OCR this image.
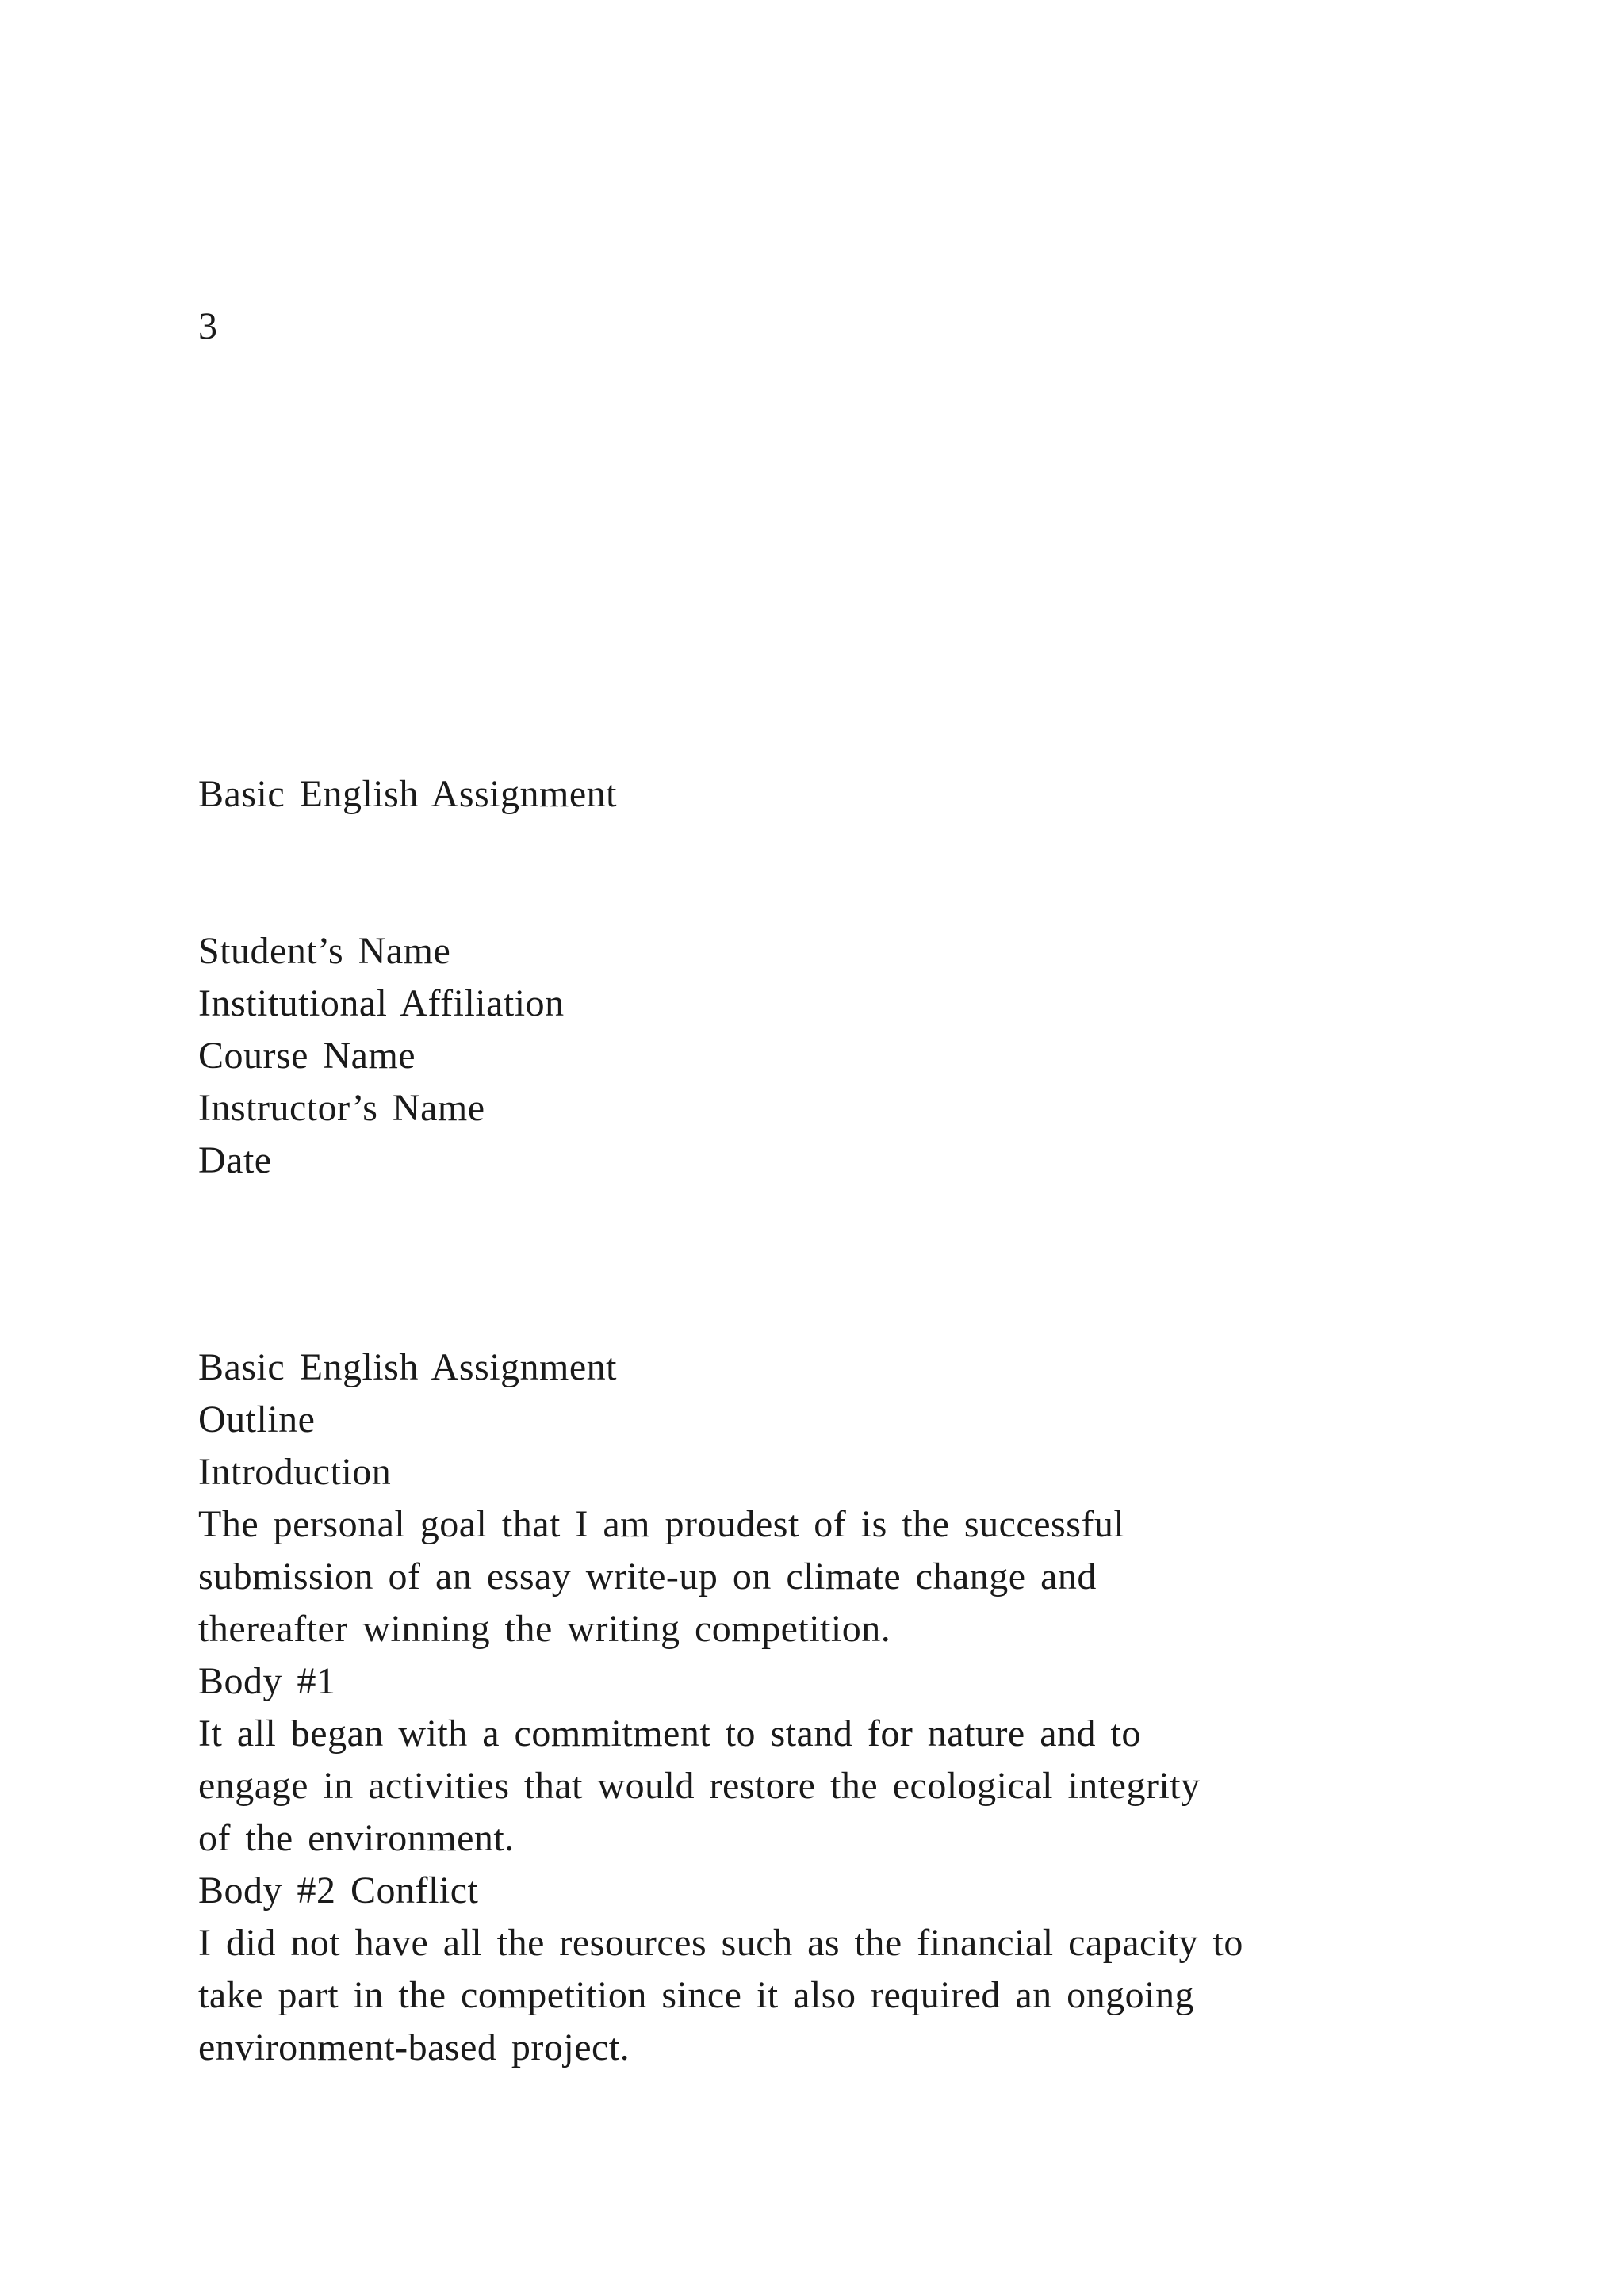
3
Basic English Assignment
Student’s Name
Institutional Affiliation
Course Name
Instructor’s Name
Date
Basic English Assignment
Outline
Introduction
The personal goal that I am proudest of is the successful
submission of an essay write-up on climate change and
thereafter winning the writing competition.
Body #1
It all began with a commitment to stand for nature and to
engage in activities that would restore the ecological integrity
of the environment.
Body #2 Conflict
I did not have all the resources such as the financial capacity to
take part in the competition since it also required an ongoing
environment-based project.
